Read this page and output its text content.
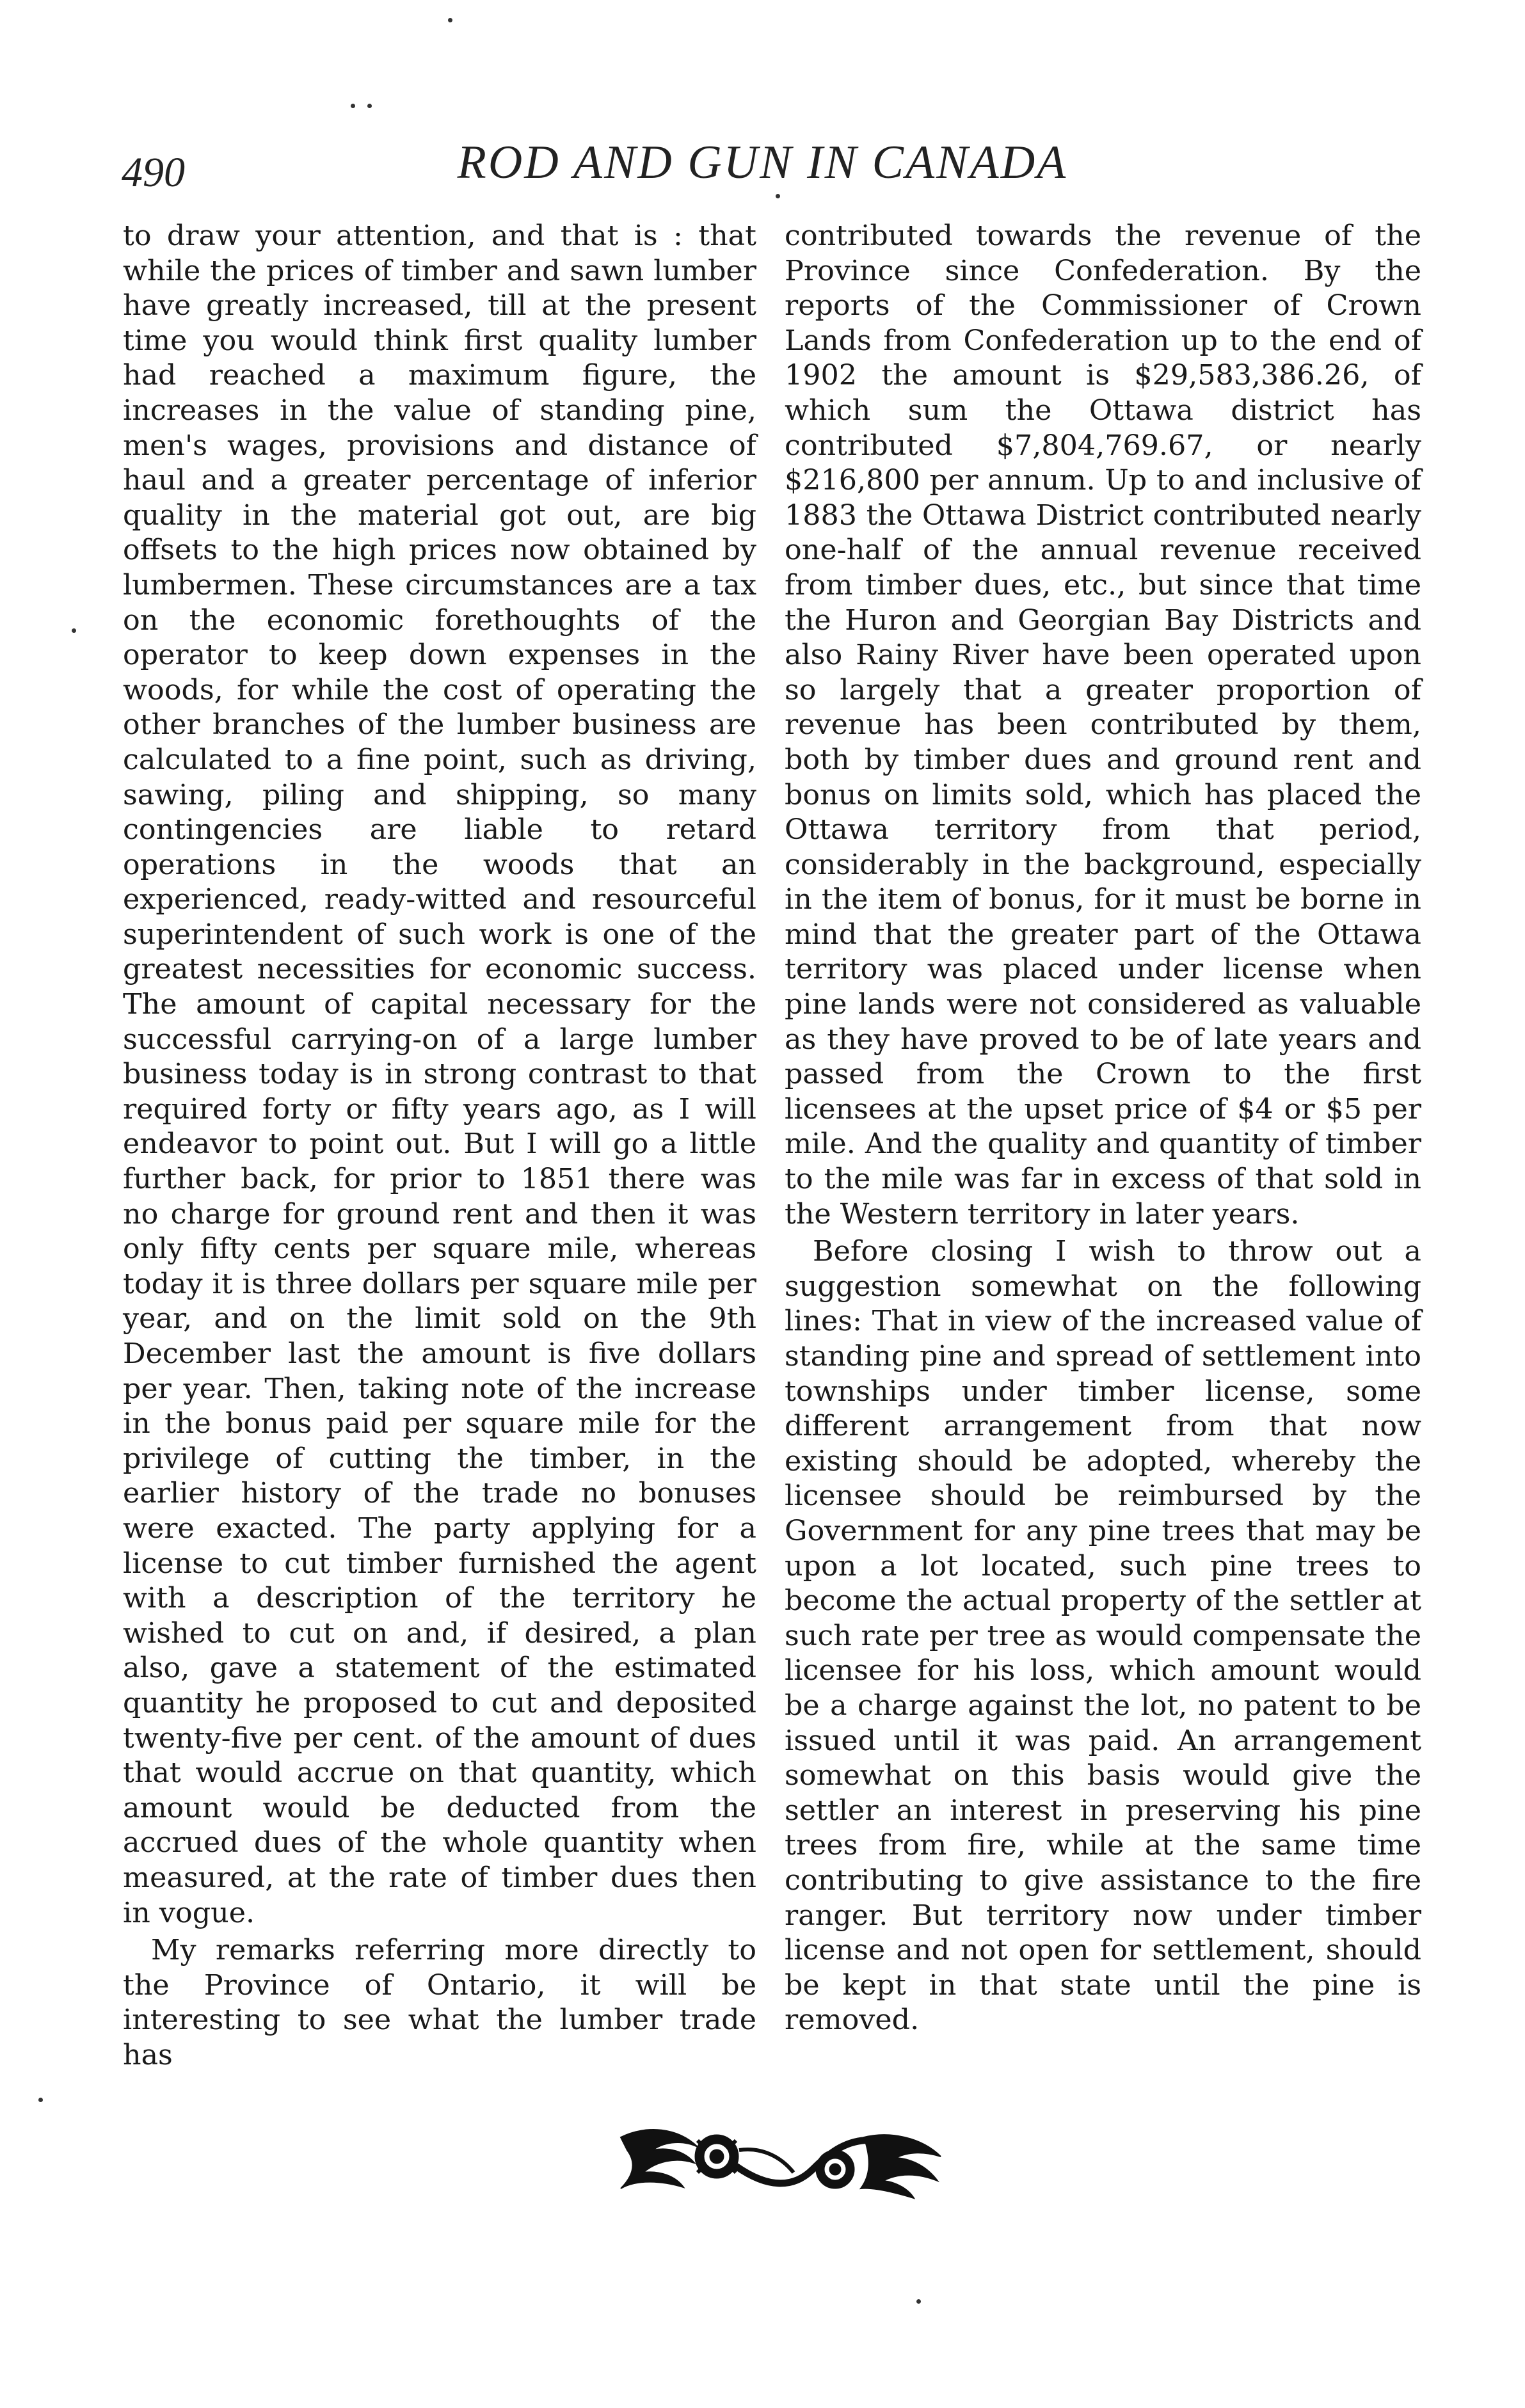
490	ROD AND GUN IN CANADA

to draw your attention, and that is : that while the prices of timber and sawn lumber have greatly increased, till at the present time you would think first quality lumber had reached a maximum figure, the increases in the value of standing pine, men's wages, provisions and distance of haul and a greater percentage of inferior quality in the material got out, are big offsets to the high prices now obtained by lumbermen. These circumstances are a tax on the economic forethoughts of the operator to keep down expenses in the woods, for while the cost of operating the other branches of the lumber business are calculated to a fine point, such as driving, sawing, piling and shipping, so many contingencies are liable to retard operations in the woods that an experienced, ready-witted and resourceful superintendent of such work is one of the greatest necessities for economic success. The amount of capital necessary for the successful carrying-on of a large lumber business today is in strong contrast to that required forty or fifty years ago, as I will endeavor to point out. But I will go a little further back, for prior to 1851 there was no charge for ground rent and then it was only fifty cents per square mile, whereas today it is three dollars per square mile per year, and on the limit sold on the 9th December last the amount is five dollars per year. Then, taking note of the increase in the bonus paid per square mile for the privilege of cutting the timber, in the earlier history of the trade no bonuses were exacted. The party applying for a license to cut timber furnished the agent with a description of the territory he wished to cut on and, if desired, a plan also, gave a statement of the estimated quantity he proposed to cut and deposited twenty-five per cent. of the amount of dues that would accrue on that quantity, which amount would be deducted from the accrued dues of the whole quantity when measured, at the rate of timber dues then in vogue.

My remarks referring more directly to the Province of Ontario, it will be interesting to see what the lumber trade has

contributed towards the revenue of the Province since Confederation. By the reports of the Commissioner of Crown Lands from Confederation up to the end of 1902 the amount is $29,583,386.26, of which sum the Ottawa district has contributed $7,804,769.67, or nearly $216,800 per annum. Up to and inclusive of 1883 the Ottawa District contributed nearly one-half of the annual revenue received from timber dues, etc., but since that time the Huron and Georgian Bay Districts and also Rainy River have been operated upon so largely that a greater proportion of revenue has been contributed by them, both by timber dues and ground rent and bonus on limits sold, which has placed the Ottawa territory from that period, considerably in the background, especially in the item of bonus, for it must be borne in mind that the greater part of the Ottawa territory was placed under license when pine lands were not considered as valuable as they have proved to be of late years and passed from the Crown to the first licensees at the upset price of $4 or $5 per mile. And the quality and quantity of timber to the mile was far in excess of that sold in the Western territory in later years.

Before closing I wish to throw out a suggestion somewhat on the following lines: That in view of the increased value of standing pine and spread of settlement into townships under timber license, some different arrangement from that now existing should be adopted, whereby the licensee should be reimbursed by the Government for any pine trees that may be upon a lot located, such pine trees to become the actual property of the settler at such rate per tree as would compensate the licensee for his loss, which amount would be a charge against the lot, no patent to be issued until it was paid. An arrangement somewhat on this basis would give the settler an interest in preserving his pine trees from fire, while at the same time contributing to give assistance to the fire ranger. But territory now under timber license and not open for settlement, should be kept in that state until the pine is removed.
